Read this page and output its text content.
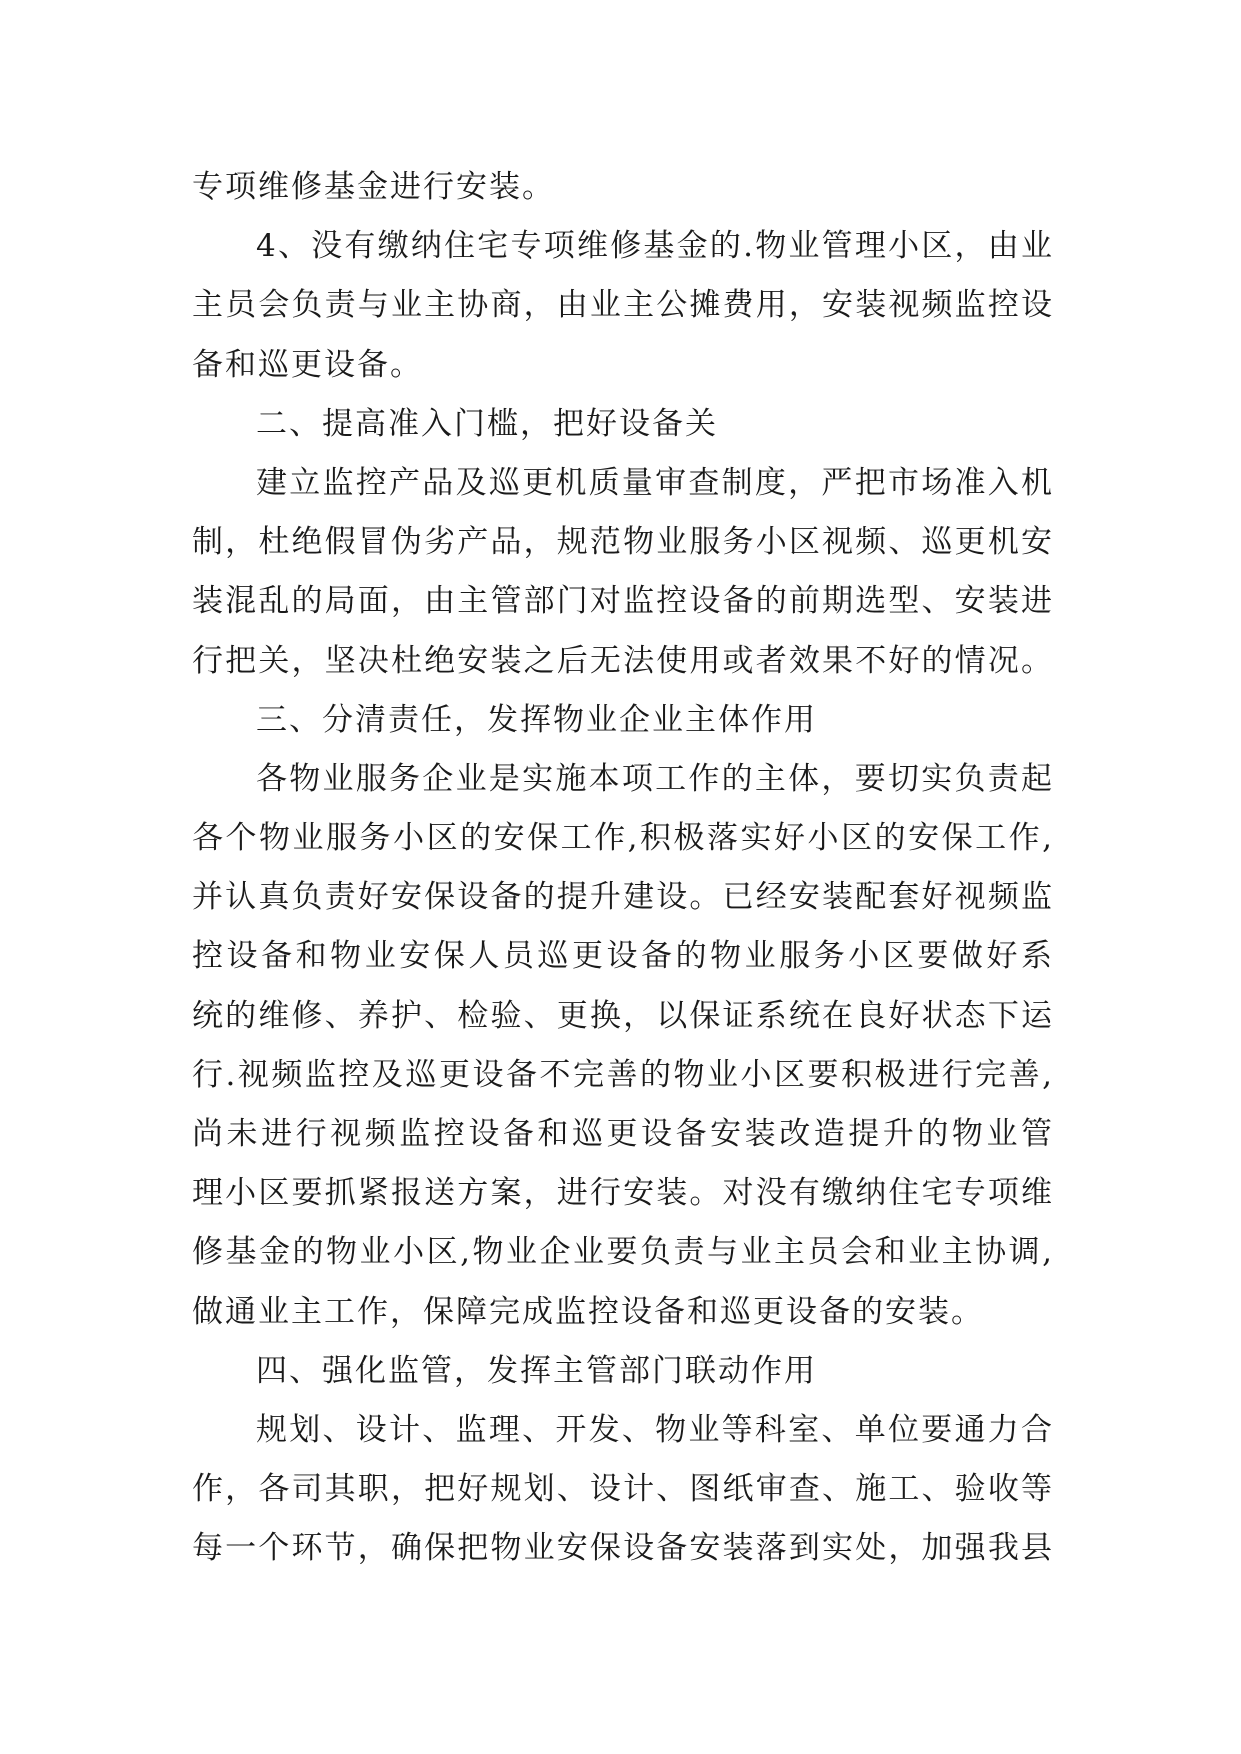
专项维修基金进行安装。
4、没有缴纳住宅专项维修基金的.物业管理小区，由业
主员会负责与业主协商，由业主公摊费用，安装视频监控设
备和巡更设备。
二、提高准入门槛，把好设备关
建立监控产品及巡更机质量审查制度，严把市场准入机
制，杜绝假冒伪劣产品，规范物业服务小区视频、巡更机安
装混乱的局面，由主管部门对监控设备的前期选型、安装进
行把关，坚决杜绝安装之后无法使用或者效果不好的情况。
三、分清责任，发挥物业企业主体作用
各物业服务企业是实施本项工作的主体，要切实负责起
各个物业服务小区的安保工作,积极落实好小区的安保工作,
并认真负责好安保设备的提升建设。已经安装配套好视频监
控设备和物业安保人员巡更设备的物业服务小区要做好系
统的维修、养护、检验、更换，以保证系统在良好状态下运
行.视频监控及巡更设备不完善的物业小区要积极进行完善,
尚未进行视频监控设备和巡更设备安装改造提升的物业管
理小区要抓紧报送方案，进行安装。对没有缴纳住宅专项维
修基金的物业小区,物业企业要负责与业主员会和业主协调,
做通业主工作，保障完成监控设备和巡更设备的安装。
四、强化监管，发挥主管部门联动作用
规划、设计、监理、开发、物业等科室、单位要通力合
作，各司其职，把好规划、设计、图纸审查、施工、验收等
每一个环节，确保把物业安保设备安装落到实处，加强我县
